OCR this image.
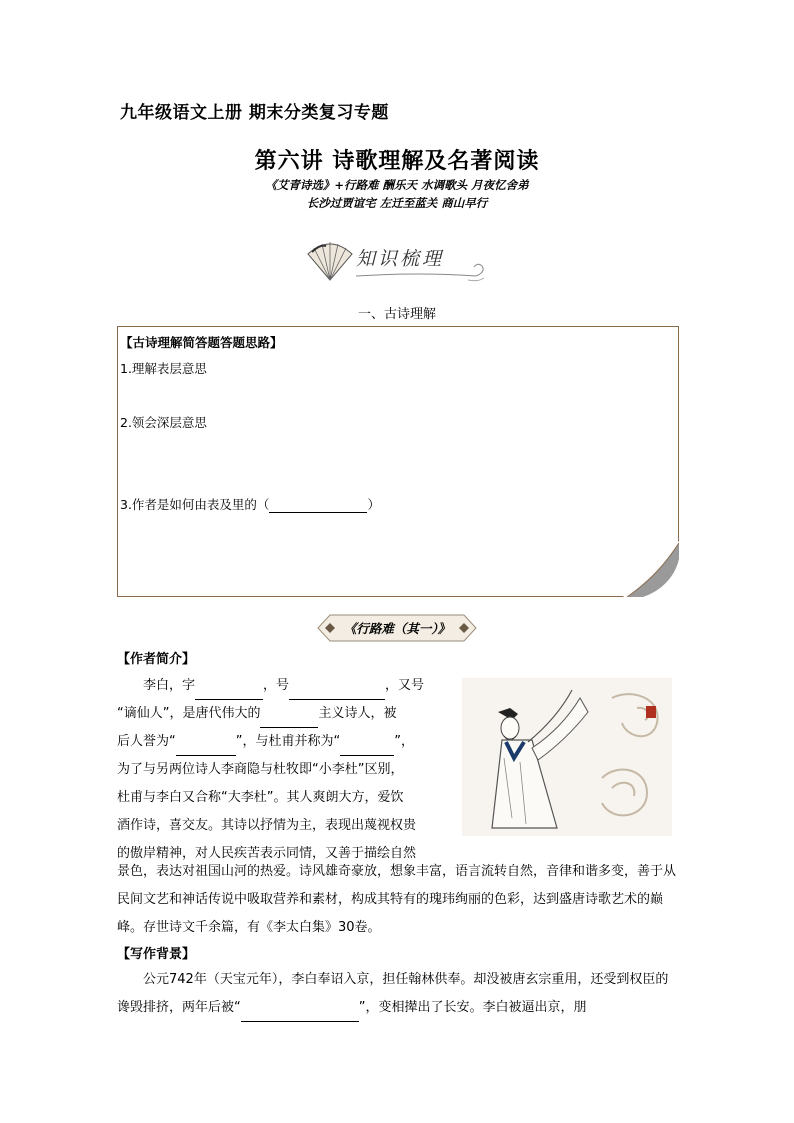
九年级语文上册 期末分类复习专题
第六讲 诗歌理解及名著阅读
《艾青诗选》+行路难 酬乐天 水调歌头 月夜忆舍弟
长沙过贾谊宅 左迁至蓝关 商山早行
知识梳理
一、古诗理解
【古诗理解简答题答题思路】
1.理解表层意思
2.领会深层意思
3.作者是如何由表及里的（	）
《行路难（其一）》
【作者简介】
李白，字	，号	，又号
“谪仙人”，是唐代伟大的	主义诗人，被
后人誉为“	”，与杜甫并称为“	”，
为了与另两位诗人李商隐与杜牧即“小李杜”区别，
杜甫与李白又合称“大李杜”。其人爽朗大方，爱饮
酒作诗，喜交友。其诗以抒情为主，表现出蔑视权贵
的傲岸精神，对人民疾苦表示同情，又善于描绘自然
景色，表达对祖国山河的热爱。诗风雄奇豪放，想象丰富，语言流转自然，音律和谐多变，善于从民间文艺和神话传说中吸取营养和素材，构成其特有的瑰玮绚丽的色彩，达到盛唐诗歌艺术的巅峰。存世诗文千余篇，有《李太白集》30卷。
【写作背景】
公元742年（天宝元年），李白奉诏入京，担任翰林供奉。却没被唐玄宗重用，还受到权臣的谗毁排挤，两年后被“	”，变相撵出了长安。李白被逼出京，朋
